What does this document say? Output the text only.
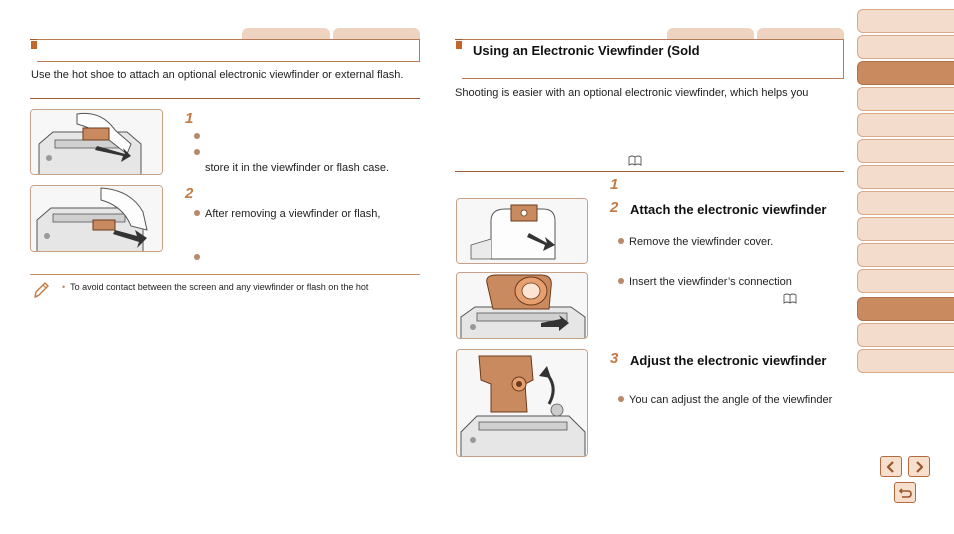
Use the hot shoe to attach an optional electronic viewfinder or external flash.
1
store it in the viewfinder or flash case.
2
After removing a viewfinder or flash,
• To avoid contact between the screen and any viewfinder or flash on the hot
Using an Electronic Viewfinder (Sold
Shooting is easier with an optional electronic viewfinder, which helps you
1
2 Attach the electronic viewfinder
Remove the viewfinder cover.
Insert the viewfinder’s connection
3 Adjust the electronic viewfinder
You can adjust the angle of the viewfinder
